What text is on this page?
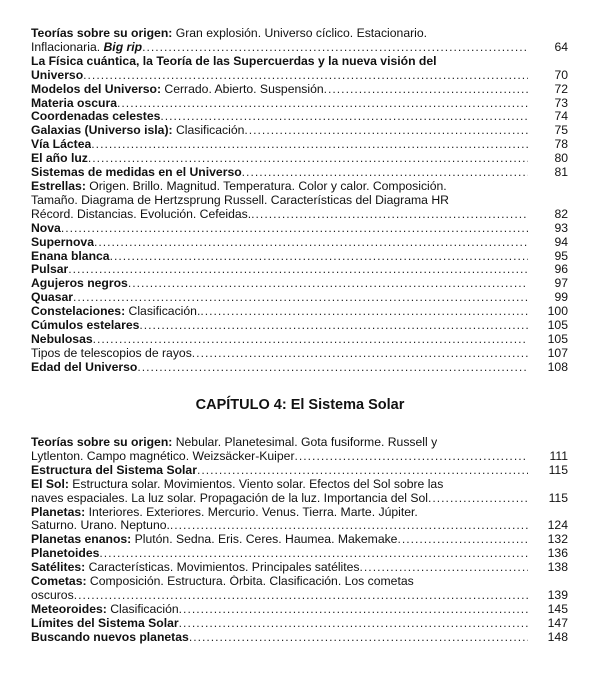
Teorías sobre su origen: Gran explosión. Universo cíclico. Estacionario.
Inflacionaria. Big rip .....	64
La Física cuántica, la Teoría de las Supercuerdas y la nueva visión del
Universo .....	70
Modelos del Universo: Cerrado. Abierto. Suspensión .....	72
Materia oscura .....	73
Coordenadas celestes .....	74
Galaxias (Universo isla): Clasificación .....	75
Vía Láctea .....	78
El año luz .....	80
Sistemas de medidas en el Universo .....	81
Estrellas: Origen. Brillo. Magnitud. Temperatura. Color y calor. Composición.
Tamaño. Diagrama de Hertzsprung Russell. Características del Diagrama HR
Récord. Distancias. Evolución. Cefeidas. .....	82
Nova .....	93
Supernova .....	94
Enana blanca .....	95
Pulsar .....	96
Agujeros negros .....	97
Quasar .....	99
Constelaciones: Clasificación. .....	100
Cúmulos estelares .....	105
Nebulosas .....	105
Tipos de telescopios de rayos .....	107
Edad del Universo .....	108
CAPÍTULO 4: El Sistema Solar
Teorías sobre su origen: Nebular. Planetesimal. Gota fusiforme. Russell y
Lytlenton. Campo magnético. Weizsäcker-Kuiper .....	111
Estructura del Sistema Solar .....	115
El Sol: Estructura solar. Movimientos. Viento solar. Efectos del Sol sobre las
naves espaciales. La luz solar. Propagación de la luz. Importancia del Sol .....	115
Planetas: Interiores. Exteriores. Mercurio. Venus. Tierra. Marte. Júpiter.
Saturno. Urano. Neptuno. .....	124
Planetas enanos: Plutón. Sedna. Eris. Ceres. Haumea. Makemake .....	132
Planetoides .....	136
Satélites: Características. Movimientos. Principales satélites .....	138
Cometas: Composición. Estructura. Órbita. Clasificación. Los cometas
oscuros .....	139
Meteoroides: Clasificación .....	145
Límites del Sistema Solar .....	147
Buscando nuevos planetas .....	148
